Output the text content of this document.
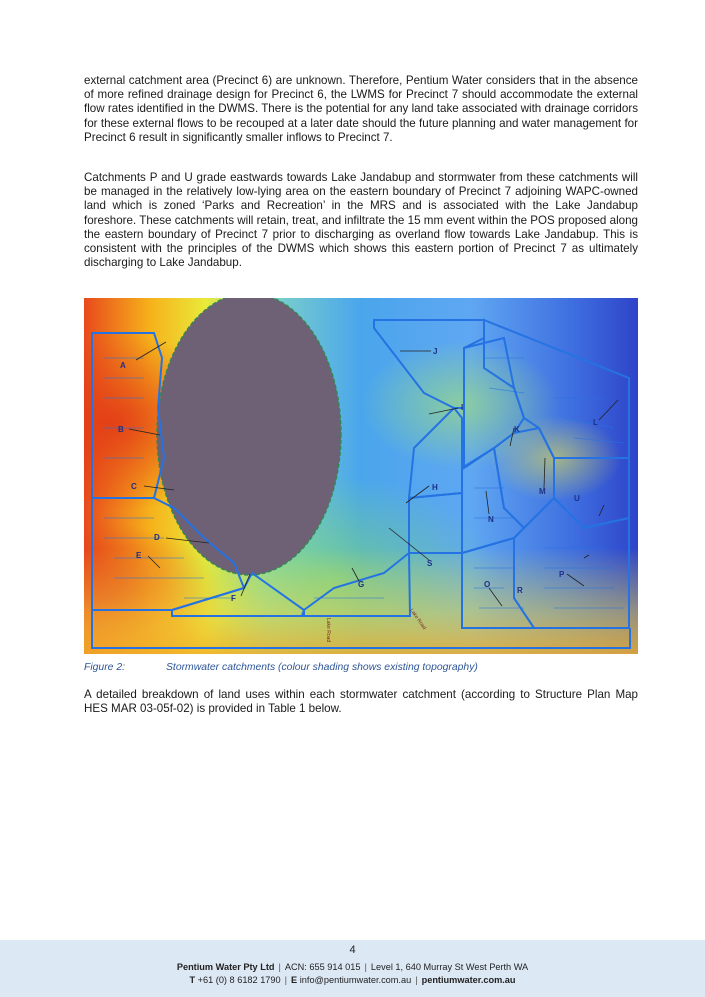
external catchment area (Precinct 6) are unknown. Therefore, Pentium Water considers that in the absence of more refined drainage design for Precinct 6, the LWMS for Precinct 7 should accommodate the external flow rates identified in the DWMS. There is the potential for any land take associated with drainage corridors for these external flows to be recouped at a later date should the future planning and water management for Precinct 6 result in significantly smaller inflows to Precinct 7.

Catchments P and U grade eastwards towards Lake Jandabup and stormwater from these catchments will be managed in the relatively low-lying area on the eastern boundary of Precinct 7 adjoining WAPC-owned land which is zoned ‘Parks and Recreation’ in the MRS and is associated with the Lake Jandabup foreshore. These catchments will retain, treat, and infiltrate the 15 mm event within the POS proposed along the eastern boundary of Precinct 7 prior to discharging as overland flow towards Lake Jandabup. This is consistent with the principles of the DWMS which shows this eastern portion of Precinct 7 as ultimately discharging to Lake Jandabup.

A
B
C
D
E
F
G
H
I
J
K
L
M
N
O
P
R
S
U
Lake Road	Lake Road
Figure 2:	Stormwater catchments (colour shading shows existing topography)

A detailed breakdown of land uses within each stormwater catchment (according to Structure Plan Map HES MAR 03-05f-02) is provided in Table 1 below.

4
Pentium Water Pty Ltd | ACN: 655 914 015 | Level 1, 640 Murray St West Perth WA
T +61 (0) 8 6182 1790 | E info@pentiumwater.com.au | pentiumwater.com.au
